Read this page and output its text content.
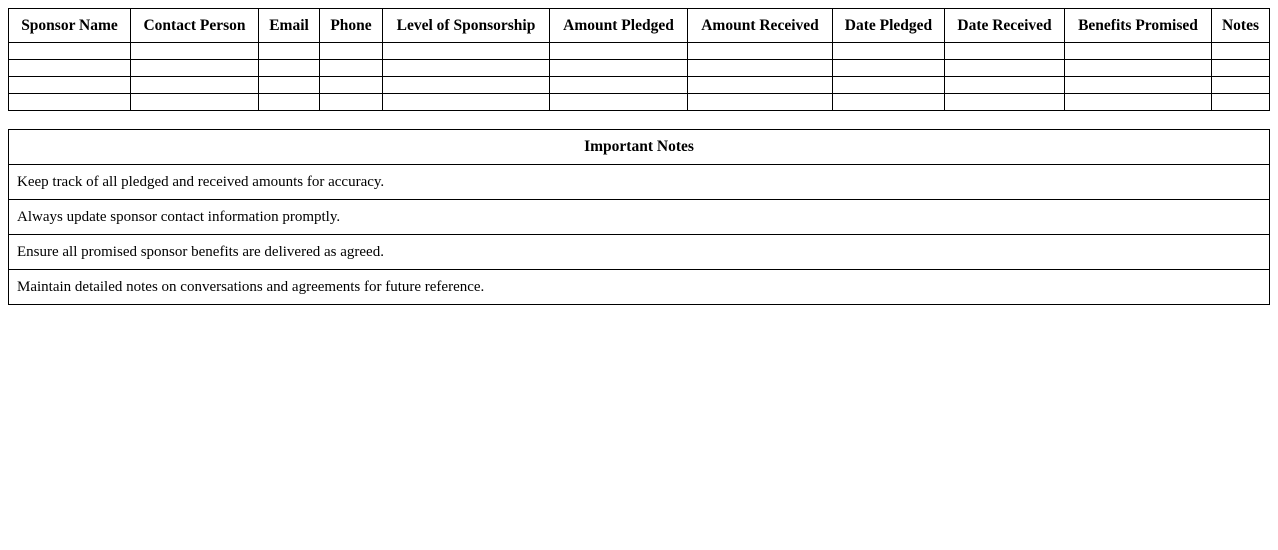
Sponsor Name	Contact Person	Email	Phone	Level of Sponsorship	Amount Pledged	Amount Received	Date Pledged	Date Received	Benefits Promised	Notes

Important Notes
Keep track of all pledged and received amounts for accuracy.
Always update sponsor contact information promptly.
Ensure all promised sponsor benefits are delivered as agreed.
Maintain detailed notes on conversations and agreements for future reference.
